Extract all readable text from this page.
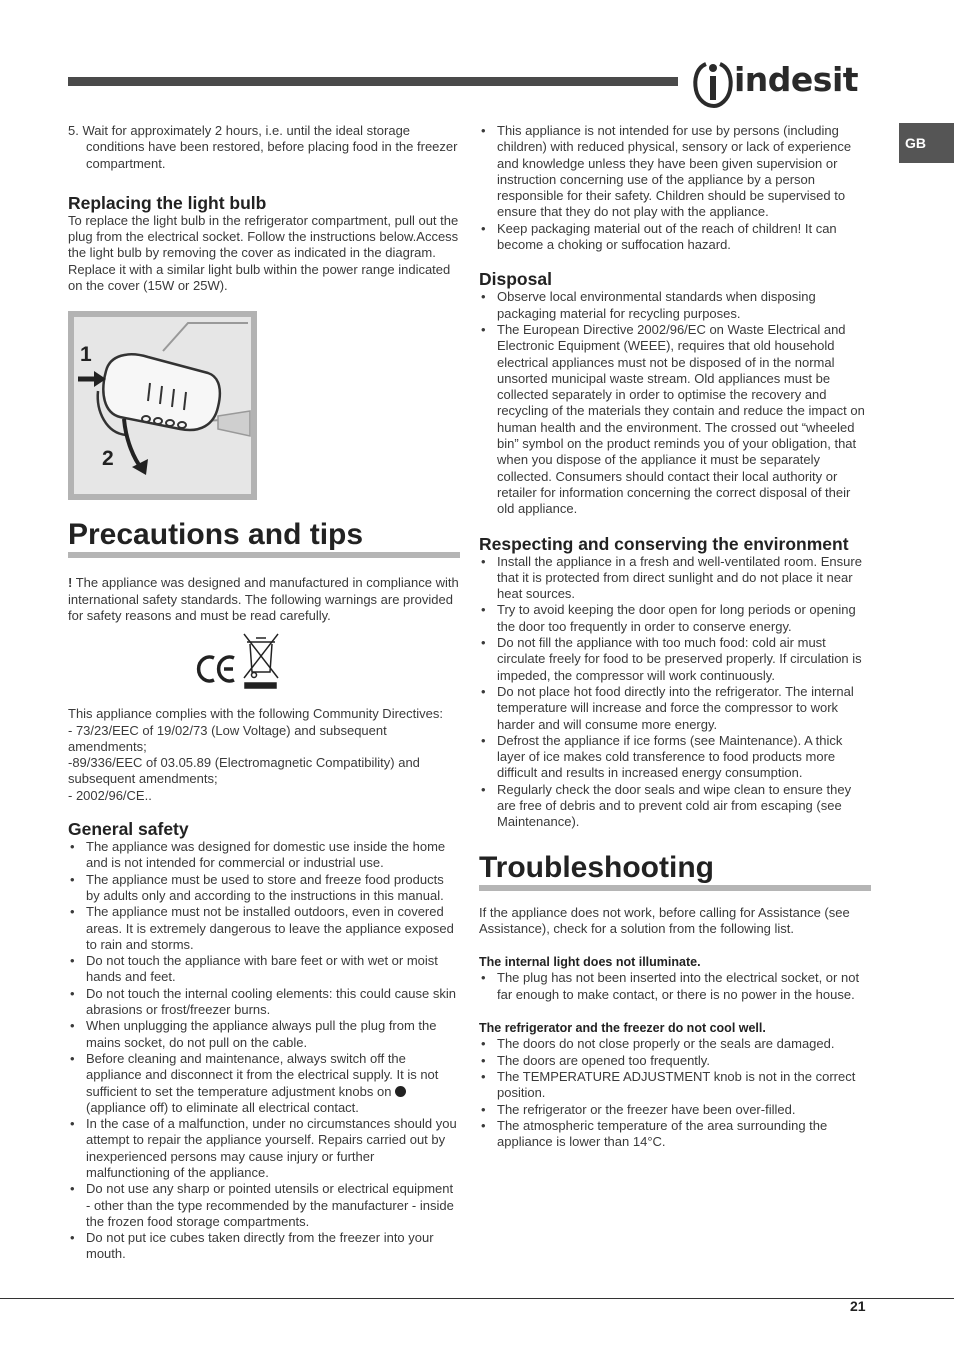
indesit
GB

5. Wait for approximately 2 hours, i.e. until the ideal storage conditions have been restored, before placing food in the freezer compartment.

Replacing the light bulb

To replace the light bulb in the refrigerator compartment, pull out the plug from the electrical socket. Follow the instructions below.Access the light bulb by removing the cover as indicated in the diagram. Replace it with a similar light bulb within the power range indicated on the cover (15W or 25W).

1
2
Precautions and tips

! The appliance was designed and manufactured in compliance with international safety standards. The following warnings are provided for safety reasons and must be read carefully.

This appliance complies with the following Community Directives:

- 73/23/EEC of 19/02/73 (Low Voltage) and subsequent amendments;

-89/336/EEC of 03.05.89 (Electromagnetic Compatibility) and subsequent amendments;

- 2002/96/CE..

General safety
• The appliance was designed for domestic use inside the home and is not intended for commercial or industrial use.
• The appliance must be used to store and freeze food products by adults only and according to the instructions in this manual.
• The appliance must not be installed outdoors, even in covered areas. It is extremely dangerous to leave the appliance exposed to rain and storms.
• Do not touch the appliance with bare feet or with wet or moist hands and feet.
• Do not touch the internal cooling elements: this could cause skin abrasions or frost/freezer burns.
• When unplugging the appliance always pull the plug from the mains socket, do not pull on the cable.
• Before cleaning and maintenance, always switch off the appliance and disconnect it from the electrical supply. It is not sufficient to set the temperature adjustment knobs on  (appliance off) to eliminate all electrical contact.
• In the case of a malfunction, under no circumstances should you attempt to repair the appliance yourself. Repairs carried out by inexperienced persons may cause injury or further malfunctioning of the appliance.
• Do not use any sharp or pointed utensils or electrical equipment - other than the type recommended by the manufacturer - inside the frozen food storage compartments.
• Do not put ice cubes taken directly from the freezer into your mouth.
• This appliance is not intended for use by persons (including children) with reduced physical, sensory or lack of experience and knowledge unless they have been given supervision or instruction concerning use of the appliance by a person responsible for their safety. Children should be supervised to ensure that they do not play with the appliance.
• Keep packaging material out of the reach of children! It can become a choking or suffocation hazard.
Disposal
• Observe local environmental standards when disposing packaging material for recycling purposes.
• The European Directive 2002/96/EC on Waste Electrical and Electronic Equipment (WEEE), requires that old household electrical appliances must not be disposed of in the normal unsorted municipal waste stream. Old appliances must be collected separately in order to optimise the recovery and recycling of the materials they contain and reduce the impact on human health and the environment. The crossed out “wheeled bin” symbol on the product reminds you of your obligation, that when you dispose of the appliance it must be separately collected. Consumers should contact their local authority or retailer for information concerning the correct disposal of their old appliance.
Respecting and conserving the environment
• Install the appliance in a fresh and well-ventilated room. Ensure that it is protected from direct sunlight and do not place it near heat sources.
• Try to avoid keeping the door open for long periods or opening the door too frequently in order to conserve energy.
• Do not fill the appliance with too much food: cold air must circulate freely for food to be preserved properly. If circulation is impeded, the compressor will work continuously.
• Do not place hot food directly into the refrigerator. The internal temperature will increase and force the compressor to work harder and will consume more energy.
• Defrost the appliance if ice forms (see Maintenance). A thick layer of ice makes cold transference to food products more difficult and results in increased energy consumption.
• Regularly check the door seals and wipe clean to ensure they are free of debris and to prevent cold air from escaping (see Maintenance).
Troubleshooting

If the appliance does not work, before calling for Assistance (see Assistance), check for a solution from the following list.

The internal light does not illuminate.

• The plug has not been inserted into the electrical socket, or not far enough to make contact, or there is no power in the house.

The refrigerator and the freezer do not cool well.

• The doors do not close properly or the seals are damaged.
• The doors are opened too frequently.
• The TEMPERATURE ADJUSTMENT knob is not in the correct position.
• The refrigerator or the freezer have been over-filled.
• The atmospheric temperature of the area surrounding the appliance is lower than 14°C.
21
